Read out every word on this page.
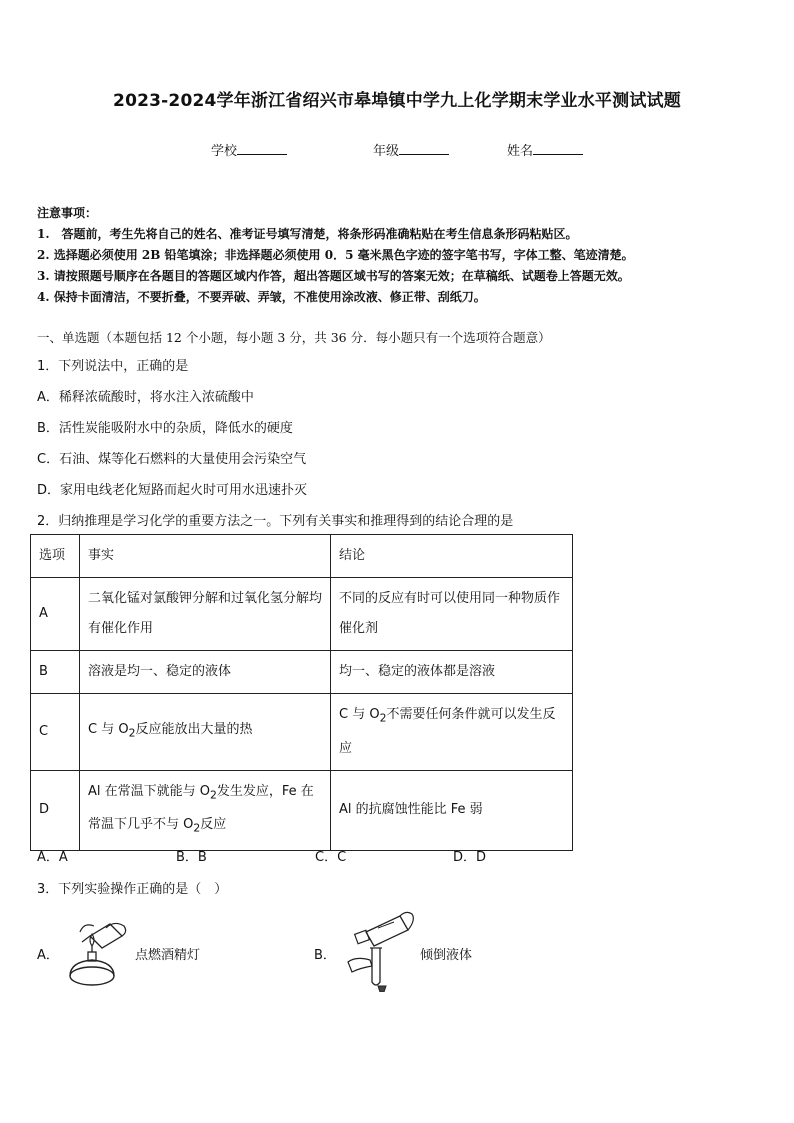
2023-2024学年浙江省绍兴市皋埠镇中学九上化学期末学业水平测试试题
学校	年级	姓名
注意事项：
1.　答题前，考生先将自己的姓名、准考证号填写清楚，将条形码准确粘贴在考生信息条形码粘贴区。
2. 选择题必须使用 2B 铅笔填涂；非选择题必须使用 0．5 毫米黑色字迹的签字笔书写，字体工整、笔迹清楚。
3. 请按照题号顺序在各题目的答题区域内作答，超出答题区域书写的答案无效；在草稿纸、试题卷上答题无效。
4. 保持卡面清洁，不要折叠，不要弄破、弄皱，不准使用涂改液、修正带、刮纸刀。
一、单选题（本题包括 12 个小题，每小题 3 分，共 36 分．每小题只有一个选项符合题意）
1．下列说法中，正确的是
A．稀释浓硫酸时，将水注入浓硫酸中
B．活性炭能吸附水中的杂质，降低水的硬度
C．石油、煤等化石燃料的大量使用会污染空气
D．家用电线老化短路而起火时可用水迅速扑灭
2．归纳推理是学习化学的重要方法之一。下列有关事实和推理得到的结论合理的是
选项	事实	结论
A	二氧化锰对氯酸钾分解和过氧化氢分解均有催化作用	不同的反应有时可以使用同一种物质作催化剂
B	溶液是均一、稳定的液体	均一、稳定的液体都是溶液
C	C 与 $O_2$反应能放出大量的热	C 与 $O_2$不需要任何条件就可以发生反应
D	Al 在常温下就能与 $O_2$发生发应，Fe 在常温下几乎不与 $O_2$反应	Al 的抗腐蚀性能比 Fe 弱
A．A	B．B	C．C	D．D
3．下列实验操作正确的是（　）
A．	点燃酒精灯	B．	倾倒液体
